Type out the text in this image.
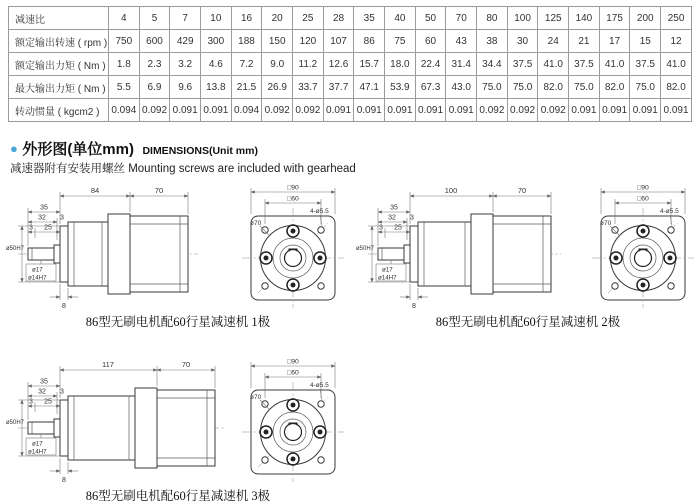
减速比	4	5	7	10	16	20	25	28	35	40	50	70	80	100	125	140	175	200	250
额定输出转速 ( rpm )	750	600	429	300	188	150	120	107	86	75	60	43	38	30	24	21	17	15	12
额定输出力矩 ( Nm )	1.8	2.3	3.2	4.6	7.2	9.0	11.2	12.6	15.7	18.0	22.4	31.4	34.4	37.5	41.0	37.5	41.0	37.5	41.0
最大输出力矩 ( Nm )	5.5	6.9	9.6	13.8	21.5	26.9	33.7	37.7	47.1	53.9	67.3	43.0	75.0	75.0	82.0	75.0	82.0	75.0	82.0
转动惯量 ( kgcm2 )	0.094	0.092	0.091	0.091	0.094	0.092	0.092	0.091	0.091	0.091	0.091	0.091	0.092	0.092	0.092	0.091	0.091	0.091	0.091
● 外形图(单位mm) DIMENSIONS(Unit mm)
减速器附有安装用螺丝 Mounting screws are included with gearhead
84	70
35
32 3
3 25
ø50H7
ø17
ø14H7
8
□90
□60
ø70
4-ø5.5
86型无刷电机配60行星减速机 1极
100	70
35
32 3
3 25
ø50H7
ø17
ø14H7
8
□90
□60
ø70
4-ø5.5
86型无刷电机配60行星减速机 2极
117	70
35
32 3
3 25
ø50H7
ø17
ø14H7
8
□90
□60
ø70
4-ø5.5
86型无刷电机配60行星减速机 3极
